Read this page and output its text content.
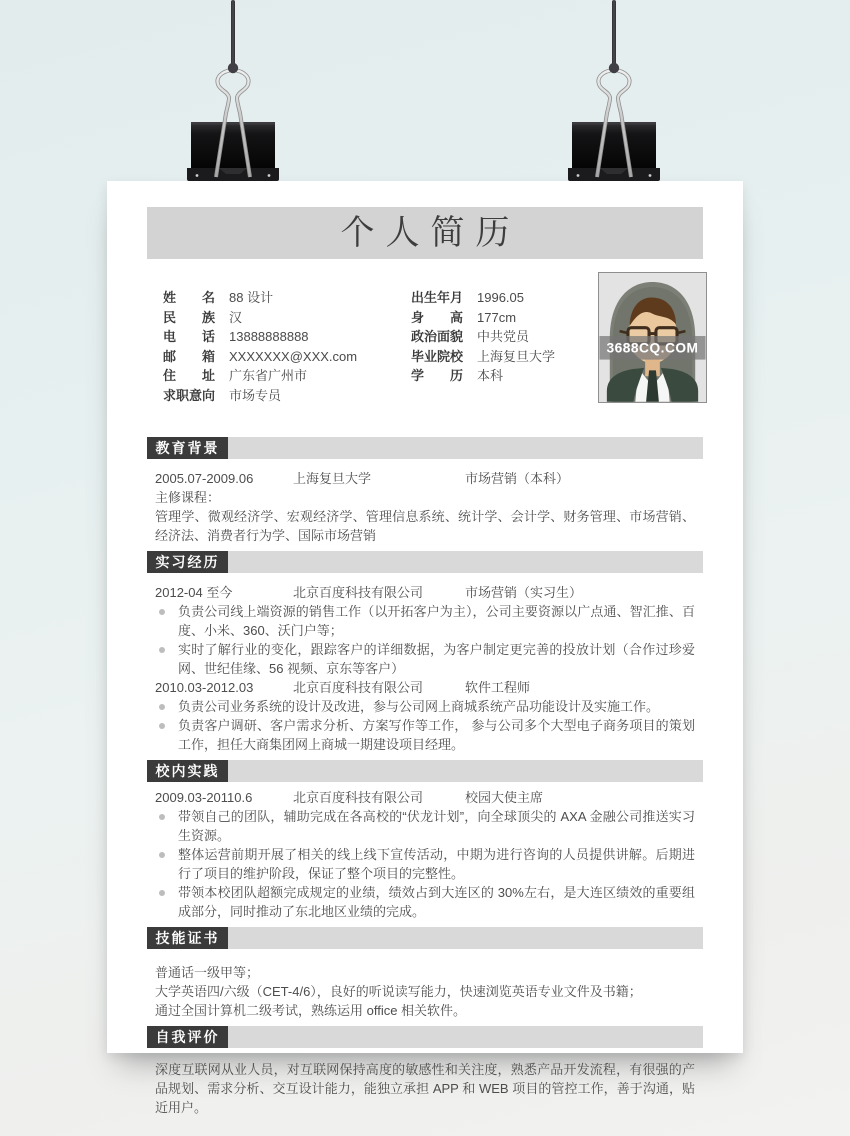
个人简历
姓名 88 设计
民族 汉
电话 13888888888
邮箱 XXXXXXX@XXX.com
住址 广东省广州市
求职意向 市场专员
出生年月 1996.05
身高 177cm
政治面貌 中共党员
毕业院校 上海复旦大学
学历 本科
3688CQ.COM
教育背景
2005.07-2009.06	上海复旦大学	市场营销（本科）
主修课程：
管理学、微观经济学、宏观经济学、管理信息系统、统计学、会计学、财务管理、市场营销、经济法、消费者行为学、国际市场营销
实习经历
2012-04 至今	北京百度科技有限公司	市场营销（实习生）
负责公司线上端资源的销售工作（以开拓客户为主），公司主要资源以广点通、智汇推、百度、小米、360、沃门户等；
实时了解行业的变化，跟踪客户的详细数据，为客户制定更完善的投放计划（合作过珍爱网、世纪佳缘、56 视频、京东等客户）
2010.03-2012.03	北京百度科技有限公司	软件工程师
负责公司业务系统的设计及改进，参与公司网上商城系统产品功能设计及实施工作。
负责客户调研、客户需求分析、方案写作等工作， 参与公司多个大型电子商务项目的策划工作，担任大商集团网上商城一期建设项目经理。
校内实践
2009.03-20110.6	北京百度科技有限公司	校园大使主席
带领自己的团队，辅助完成在各高校的“伏龙计划”，向全球顶尖的 AXA 金融公司推送实习生资源。
整体运营前期开展了相关的线上线下宣传活动，中期为进行咨询的人员提供讲解。后期进行了项目的维护阶段，保证了整个项目的完整性。
带领本校团队超额完成规定的业绩，绩效占到大连区的 30%左右，是大连区绩效的重要组成部分，同时推动了东北地区业绩的完成。
技能证书
普通话一级甲等；
大学英语四/六级（CET-4/6），良好的听说读写能力，快速浏览英语专业文件及书籍；
通过全国计算机二级考试，熟练运用 office 相关软件。
自我评价
深度互联网从业人员，对互联网保持高度的敏感性和关注度，熟悉产品开发流程，有很强的产品规划、需求分析、交互设计能力，能独立承担 APP 和 WEB 项目的管控工作，善于沟通，贴近用户。
